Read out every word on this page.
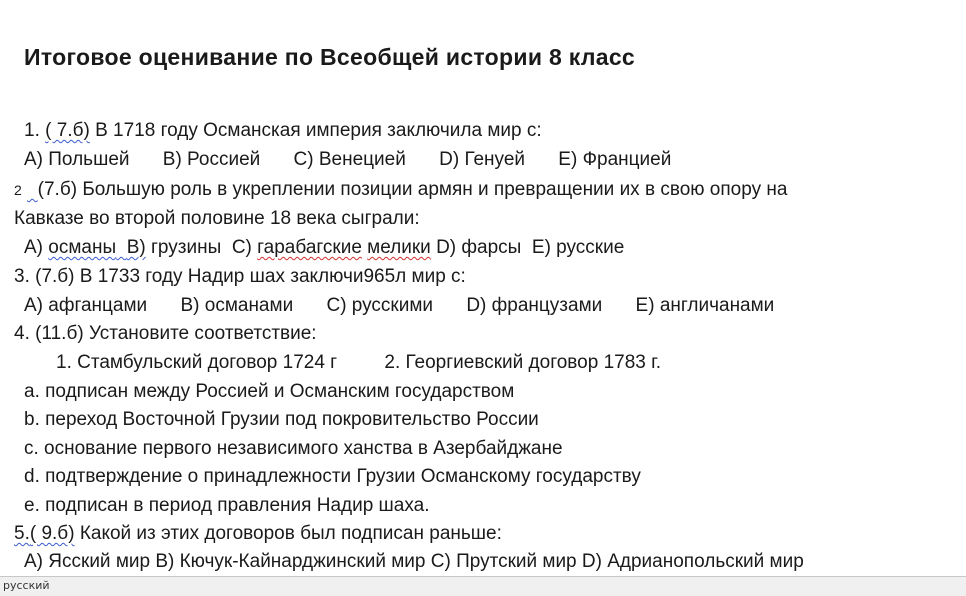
Итоговое оценивание по Всеобщей истории 8 класс
1. ( 7.б) В 1718 году Османская империя заключила мир с:
A) Польшей B) Россией C) Венецией D) Генуей E) Францией
2 (7.б) Большую роль в укреплении позиции армян и превращении их в свою опору на
Кавказе во второй половине 18 века сыграли:
A) османы B) грузины C) гарабагские мелики D) фарсы E) русские
3. (7.б) В 1733 году Надир шах заключи965л мир с:
A) афганцами B) османами C) русскими D) французами E) англичанами
4. (11.б) Установите соответствие:
1. Стамбульский договор 1724 г 2. Георгиевский договор 1783 г.
a. подписан между Россией и Османским государством
b. переход Восточной Грузии под покровительство России
c. основание первого независимого ханства в Азербайджане
d. подтверждение о принадлежности Грузии Османскому государству
e. подписан в период правления Надир шаха.
5.( 9.б) Какой из этих договоров был подписан раньше:
A) Ясский мир B) Кючук-Кайнарджинский мир C) Прутский мир D) Адрианопольский мир
русский
